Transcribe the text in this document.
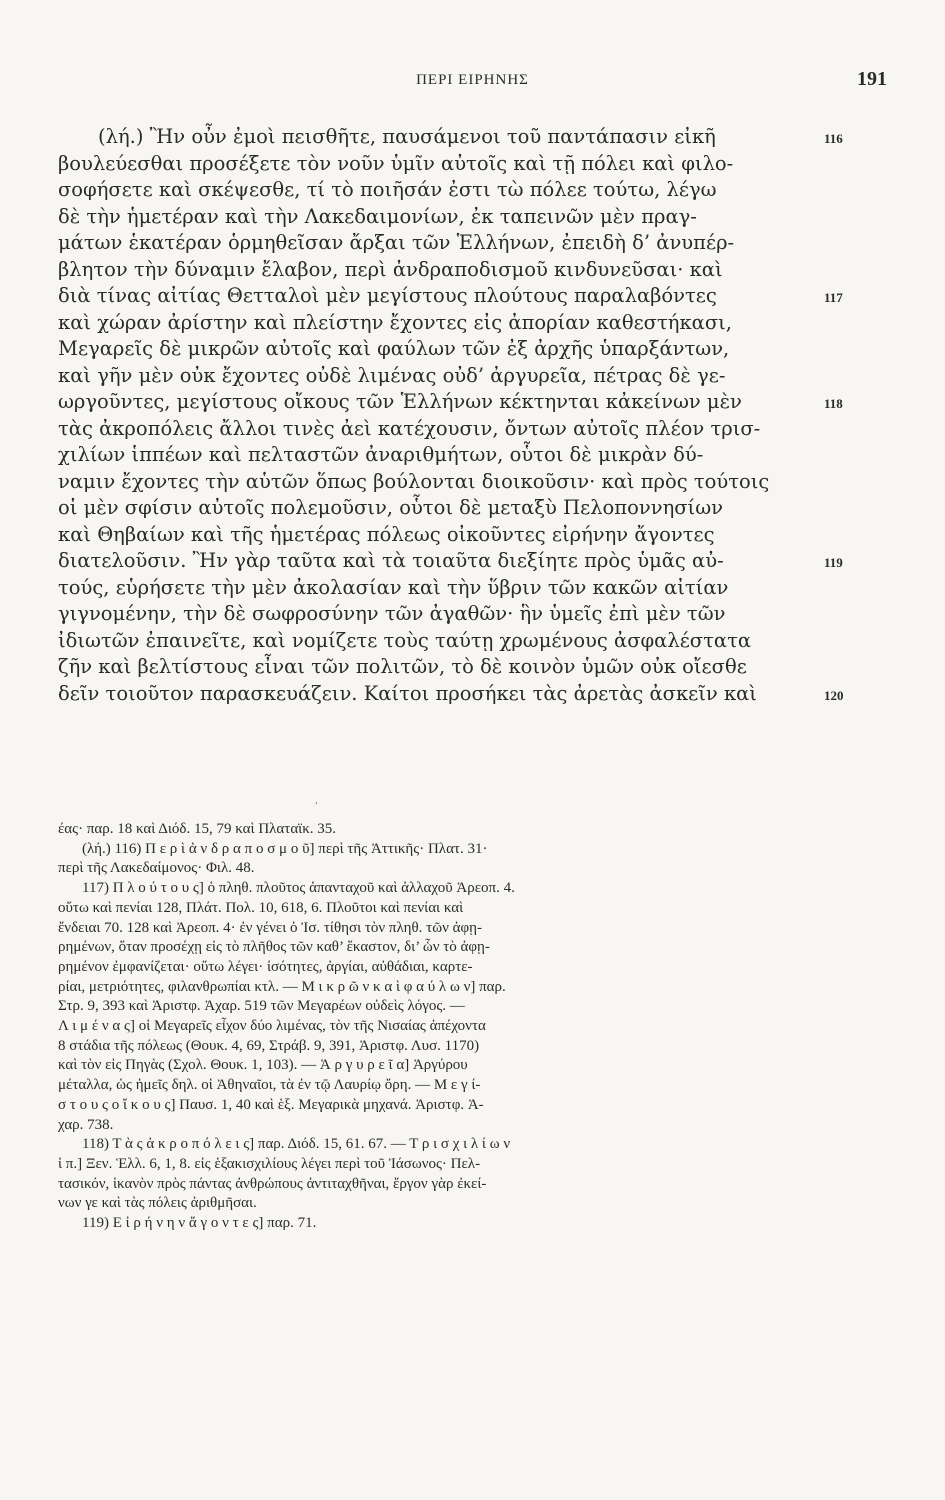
ΠΕΡΙ ΕΙΡΗΝΗΣ	191
(λή.) Ἢν οὖν ἐμοὶ πεισθῆτε, παυσάμενοι τοῦ παντάπασιν εἰκῆ	116
βουλεύεσθαι προσέξετε τὸν νοῦν ὑμῖν αὐτοῖς καὶ τῇ πόλει καὶ φιλο-
σοφήσετε καὶ σκέψεσθε, τί τὸ ποιῆσάν ἐστι τὼ πόλεε τούτω, λέγω
δὲ τὴν ἡμετέραν καὶ τὴν Λακεδαιμονίων, ἐκ ταπεινῶν μὲν πραγ-
μάτων ἑκατέραν ὁρμηθεῖσαν ἄρξαι τῶν Ἑλλήνων, ἐπειδὴ δ’ ἀνυπέρ-
βλητον τὴν δύναμιν ἔλαβον, περὶ ἀνδραποδισμοῦ κινδυνεῦσαι· καὶ
διὰ τίνας αἰτίας Θετταλοὶ μὲν μεγίστους πλούτους παραλαβόντες	117
καὶ χώραν ἀρίστην καὶ πλείστην ἔχοντες εἰς ἀπορίαν καθεστήκασι,
Μεγαρεῖς δὲ μικρῶν αὐτοῖς καὶ φαύλων τῶν ἐξ ἀρχῆς ὑπαρξάντων,
καὶ γῆν μὲν οὐκ ἔχοντες οὐδὲ λιμένας οὐδ’ ἀργυρεῖα, πέτρας δὲ γε-
ωργοῦντες, μεγίστους οἴκους τῶν Ἑλλήνων κέκτηνται κἀκείνων μὲν	118
τὰς ἀκροπόλεις ἄλλοι τινὲς ἀεὶ κατέχουσιν, ὄντων αὐτοῖς πλέον τρισ-
χιλίων ἱππέων καὶ πελταστῶν ἀναριθμήτων, οὗτοι δὲ μικρὰν δύ-
ναμιν ἔχοντες τὴν αὑτῶν ὅπως βούλονται διοικοῦσιν· καὶ πρὸς τούτοις
οἱ μὲν σφίσιν αὐτοῖς πολεμοῦσιν, οὗτοι δὲ μεταξὺ Πελοποννησίων
καὶ Θηβαίων καὶ τῆς ἡμετέρας πόλεως οἰκοῦντες εἰρήνην ἄγοντες
διατελοῦσιν. Ἢν γὰρ ταῦτα καὶ τὰ τοιαῦτα διεξίητε πρὸς ὑμᾶς αὐ-	119
τούς, εὑρήσετε τὴν μὲν ἀκολασίαν καὶ τὴν ὕβριν τῶν κακῶν αἰτίαν
γιγνομένην, τὴν δὲ σωφροσύνην τῶν ἀγαθῶν· ἣν ὑμεῖς ἐπὶ μὲν τῶν
ἰδιωτῶν ἐπαινεῖτε, καὶ νομίζετε τοὺς ταύτῃ χρωμένους ἀσφαλέστατα
ζῆν καὶ βελτίστους εἶναι τῶν πολιτῶν, τὸ δὲ κοινὸν ὑμῶν οὐκ οἴεσθε
δεῖν τοιοῦτον παρασκευάζειν. Καίτοι προσήκει τὰς ἀρετὰς ἀσκεῖν καὶ	120
,
έας· παρ. 18 καὶ Διόδ. 15, 79 καὶ Πλαταϊκ. 35.
(λή.) 116) Π ε ρ ὶ ἀ ν δ ρ α π ο σ μ ο ῦ] περὶ τῆς Ἀττικῆς· Πλατ. 31·
περὶ τῆς Λακεδαίμονος· Φιλ. 48.
117) Π λ ο ύ τ ο υ ς] ὁ πληθ. πλοῦτος ἁπανταχοῦ καὶ ἀλλαχοῦ Ἀρεοπ. 4.
οὕτω καὶ πενίαι 128, Πλάτ. Πολ. 10, 618, 6. Πλοῦτοι καὶ πενίαι καὶ
ἔνδειαι 70. 128 καὶ Ἀρεοπ. 4· ἐν γένει ὁ Ἰσ. τίθησι τὸν πληθ. τῶν ἀφῃ-
ρημένων, ὅταν προσέχῃ εἰς τὸ πλῆθος τῶν καθ’ ἕκαστον, δι’ ὧν τὸ ἀφῃ-
ρημένον ἐμφανίζεται· οὕτω λέγει· ἰσότητες, ἀργίαι, αὐθάδιαι, καρτε-
ρίαι, μετριότητες, φιλανθρωπίαι κτλ. — Μ ι κ ρ ῶ ν κ α ὶ φ α ύ λ ω ν] παρ.
Στρ. 9, 393 καὶ Ἀριστφ. Ἀχαρ. 519 τῶν Μεγαρέων οὐδεὶς λόγος. —
Λ ι μ έ ν α ς] οἱ Μεγαρεῖς εἶχον δύο λιμένας, τὸν τῆς Νισαίας ἀπέχοντα
8 στάδια τῆς πόλεως (Θουκ. 4, 69, Στράβ. 9, 391, Ἀριστφ. Λυσ. 1170)
καὶ τὸν εἰς Πηγὰς (Σχολ. Θουκ. 1, 103). — Ἀ ρ γ υ ρ ε ῖ α] Ἀργύρου
μέταλλα, ὡς ἡμεῖς δηλ. οἱ Ἀθηναῖοι, τὰ ἐν τῷ Λαυρίῳ ὄρη. — Μ ε γ ί-
σ τ ο υ ς ο ἴ κ ο υ ς] Παυσ. 1, 40 καὶ ἑξ. Μεγαρικὰ μηχανά. Ἀριστφ. Ἀ-
χαρ. 738.
118) Τ ὰ ς ἀ κ ρ ο π ό λ ε ι ς] παρ. Διόδ. 15, 61. 67. — Τ ρ ι σ χ ι λ ί ω ν
ἱ π.] Ξεν. Ἑλλ. 6, 1, 8. εἰς ἑξακισχιλίους λέγει περὶ τοῦ Ἰάσωνος· Πελ-
τασικόν, ἱκανὸν πρὸς πάντας ἀνθρώπους ἀντιταχθῆναι, ἔργον γὰρ ἐκεί-
νων γε καὶ τὰς πόλεις ἀριθμῆσαι.
119) Ε ἰ ρ ή ν η ν ἄ γ ο ν τ ε ς] παρ. 71.
